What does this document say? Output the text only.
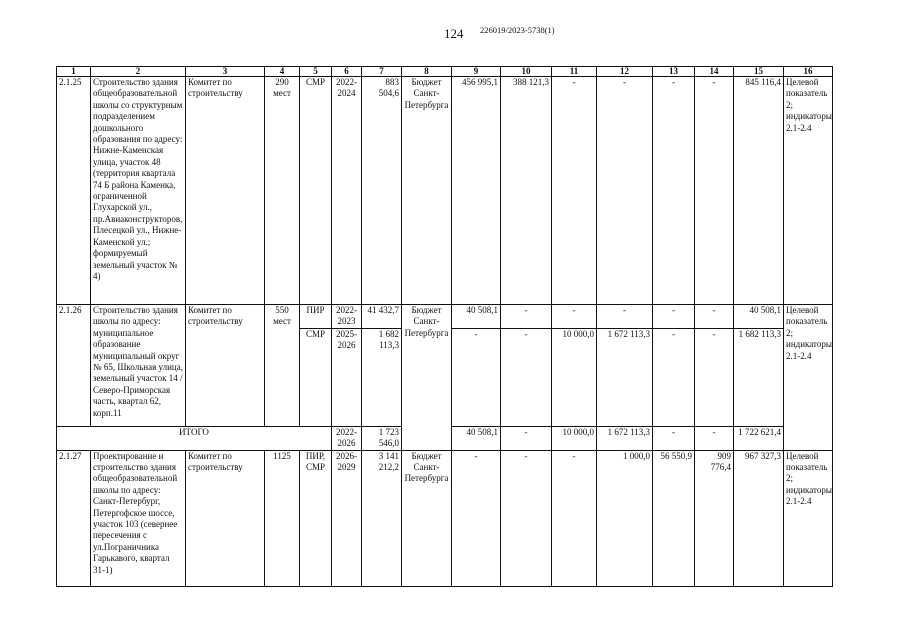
124 226019/2023-5738(1)
1	2	3	4	5	6	7	8	9	10	11	12	13	14	15	16
2.1.25	Строительство здания общеобразовательной школы со структурным подразделением дошкольного образования по адресу: Нижне-Каменская улица, участок 48 (территория квартала 74 Б района Каменка, ограниченной Глухарской ул., пр.Авиаконструкторов, Плесецкой ул., Нижне-Каменской ул.; формируемый земельный участок № 4)	Комитет по строительству	290 мест	СМР	2022-2024	883 504,6	Бюджет Санкт-Петербурга	456 995,1	388 121,3	-	-	-	-	845 116,4	Целевой показатель 2; индикаторы 2.1-2.4
2.1.26	Строительство здания школы по адресу: муниципальное образование муниципальный округ № 65, Школьная улица, земельный участок 14 / Северо-Приморская часть, квартал 62, корп.11	Комитет по строительству	550 мест	ПИР	2022-2023	41 432,7	Бюджет Санкт-Петербурга	40 508,1	-	-	-	-	-	40 508,1	Целевой показатель 2; индикаторы 2.1-2.4
				СМР	2025-2026	1 682 113,3		-	-	10 000,0	1 672 113,3	-	-	1 682 113,3	
ИТОГО					2022-2026	1 723 546,0		40 508,1	-	10 000,0	1 672 113,3	-	-	1 722 621,4	
2.1.27	Проектирование и строительство здания общеобразовательной школы по адресу: Санкт-Петербург, Петергофское шоссе, участок 103 (севернее пересечения с ул.Пограничника Гарькавого, квартал 31-1)	Комитет по строительству	1125	ПИР, СМР	2026-2029	3 141 212,2	Бюджет Санкт-Петербурга	-	-	-	1 000,0	56 550,9	909 776,4	967 327,3	Целевой показатель 2; индикаторы 2.1-2.4
